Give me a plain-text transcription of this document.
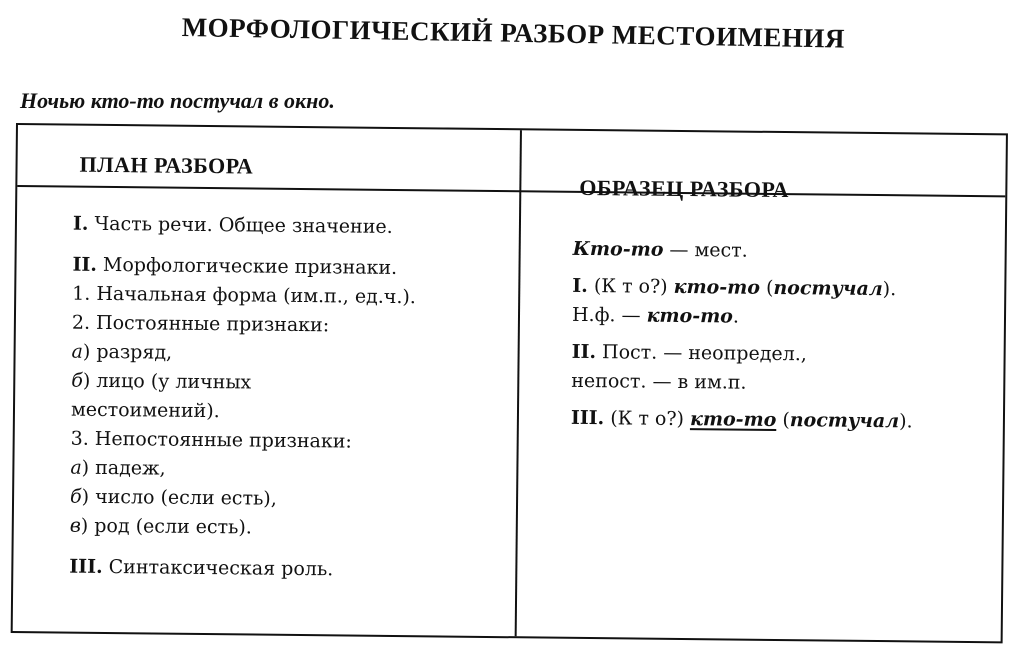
МОРФОЛОГИЧЕСКИЙ РАЗБОР МЕСТОИМЕНИЯ
Ночью кто-то постучал в окно.
ПЛАН РАЗБОРА
ОБРАЗЕЦ РАЗБОРА
I. Часть речи. Общее значение.
II. Морфологические признаки.
1. Начальная форма (им.п., ед.ч.).
2. Постоянные признаки:
а) разряд,
б) лицо (у личных
местоимений).
3. Непостоянные признаки:
а) падеж,
б) число (если есть),
в) род (если есть).
III. Синтаксическая роль.
Кто-то — мест.
I. (К т о?) кто-то (постучал).
Н.ф. — кто-то.
II. Пост. — неопредел.,
непост. — в им.п.
III. (К т о?) кто-то (постучал).
